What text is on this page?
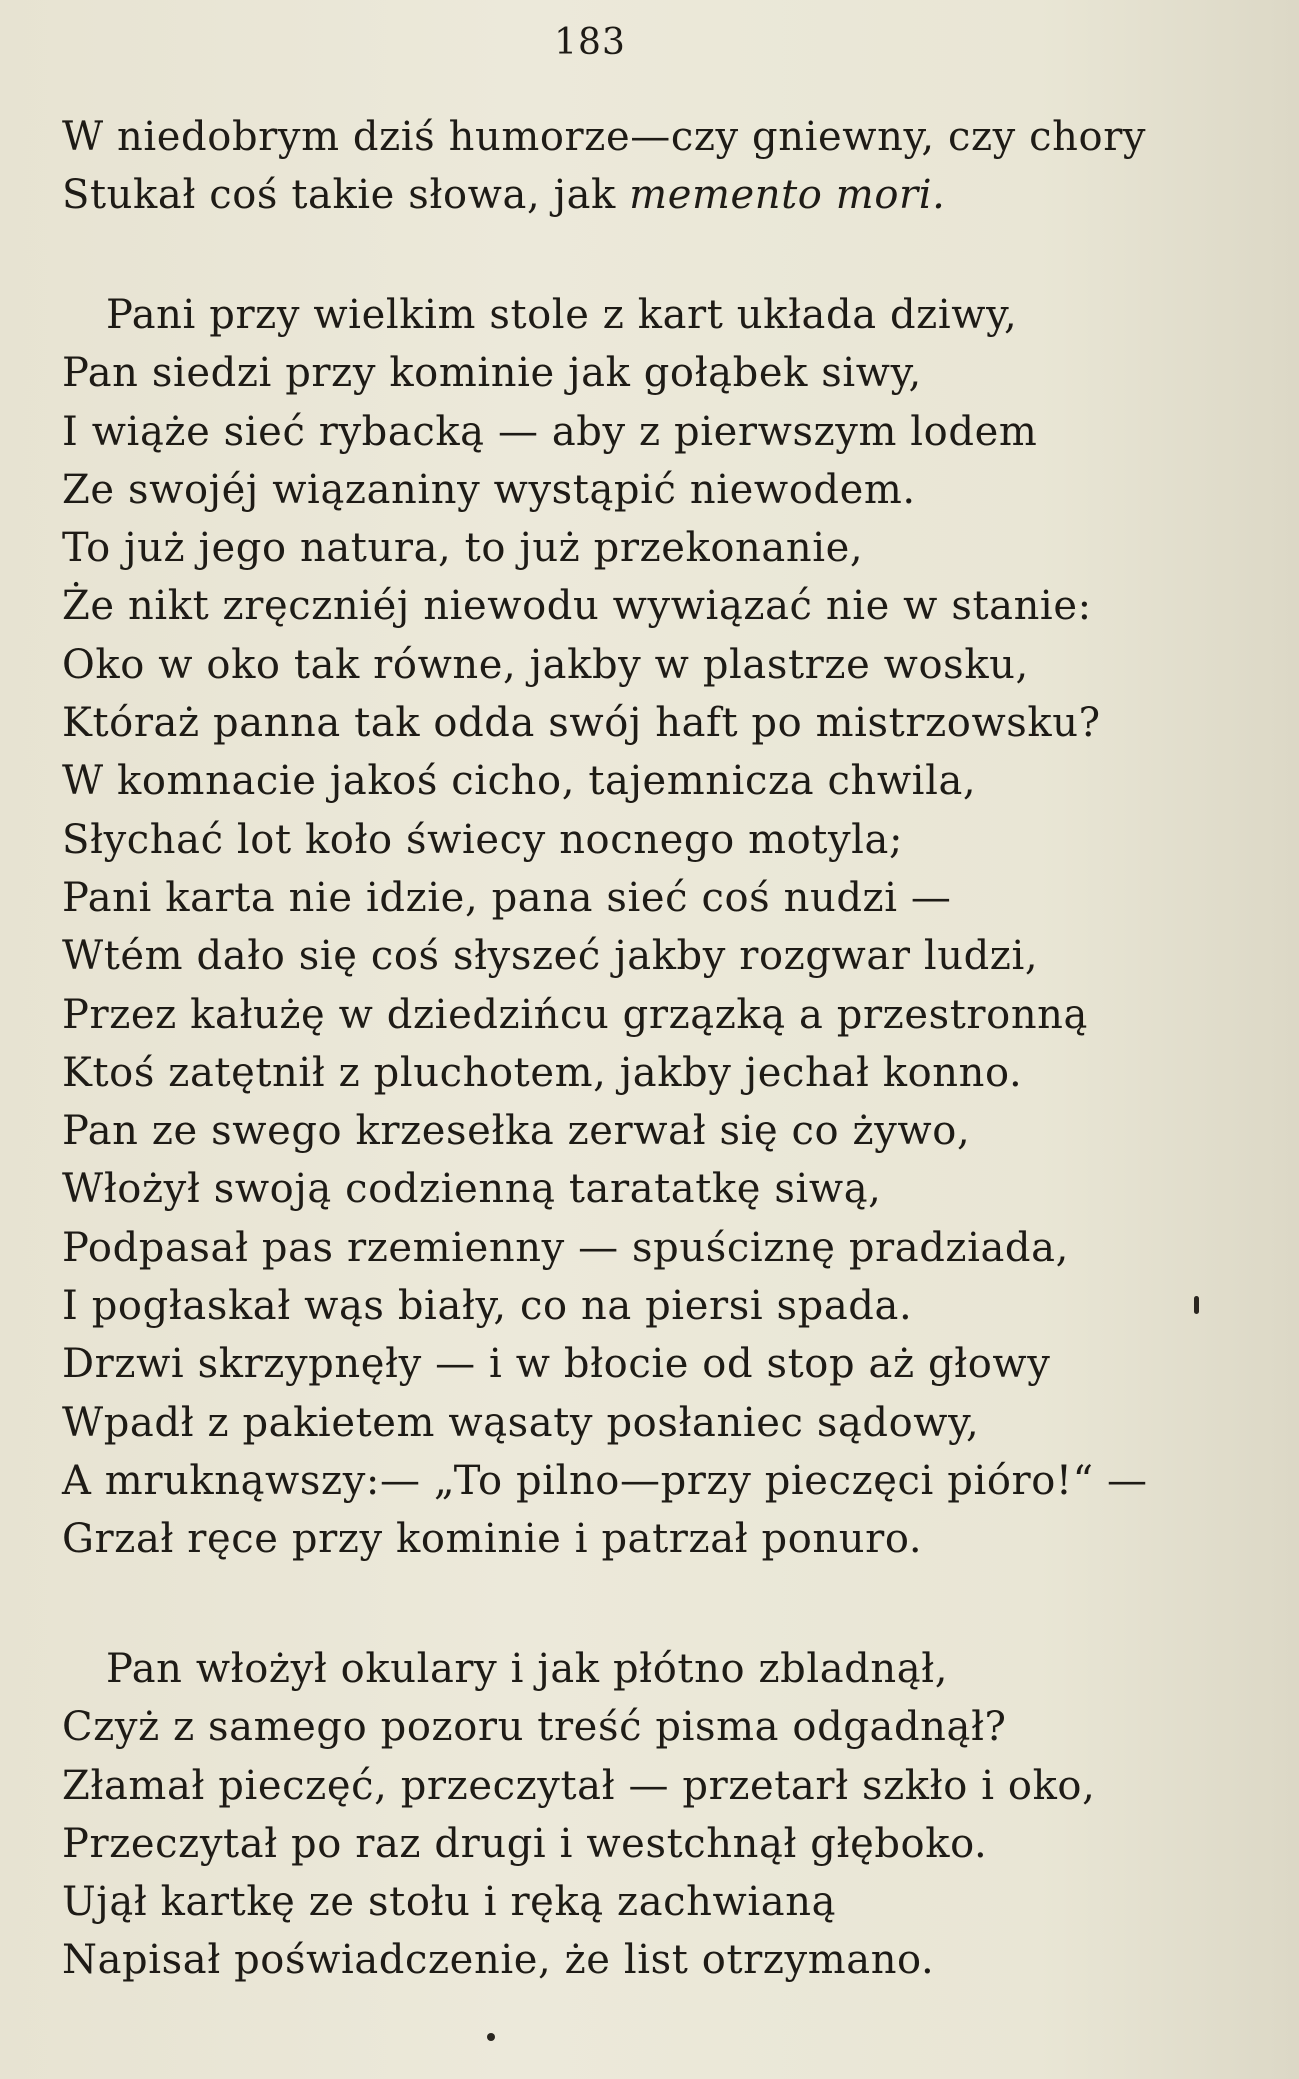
183
W niedobrym dziś humorze—czy gniewny, czy chory
Stukał coś takie słowa, jak memento mori.
Pani przy wielkim stole z kart układa dziwy,
Pan siedzi przy kominie jak gołąbek siwy,
I wiąże sieć rybacką — aby z pierwszym lodem
Ze swojéj wiązaniny wystąpić niewodem.
To już jego natura, to już przekonanie,
Że nikt zręczniéj niewodu wywiązać nie w stanie:
Oko w oko tak równe, jakby w plastrze wosku,
Któraż panna tak odda swój haft po mistrzowsku?
W komnacie jakoś cicho, tajemnicza chwila,
Słychać lot koło świecy nocnego motyla;
Pani karta nie idzie, pana sieć coś nudzi —
Wtém dało się coś słyszeć jakby rozgwar ludzi,
Przez kałużę w dziedzińcu grzązką a przestronną
Ktoś zatętnił z pluchotem, jakby jechał konno.
Pan ze swego krzesełka zerwał się co żywo,
Włożył swoją codzienną taratatkę siwą,
Podpasał pas rzemienny — spuściznę pradziada,
I pogłaskał wąs biały, co na piersi spada.
Drzwi skrzypnęły — i w błocie od stop aż głowy
Wpadł z pakietem wąsaty posłaniec sądowy,
A mruknąwszy:— „To pilno—przy pieczęci pióro!“ —
Grzał ręce przy kominie i patrzał ponuro.
Pan włożył okulary i jak płótno zbladnął,
Czyż z samego pozoru treść pisma odgadnął?
Złamał pieczęć, przeczytał — przetarł szkło i oko,
Przeczytał po raz drugi i westchnął głęboko.
Ujął kartkę ze stołu i ręką zachwianą
Napisał poświadczenie, że list otrzymano.
